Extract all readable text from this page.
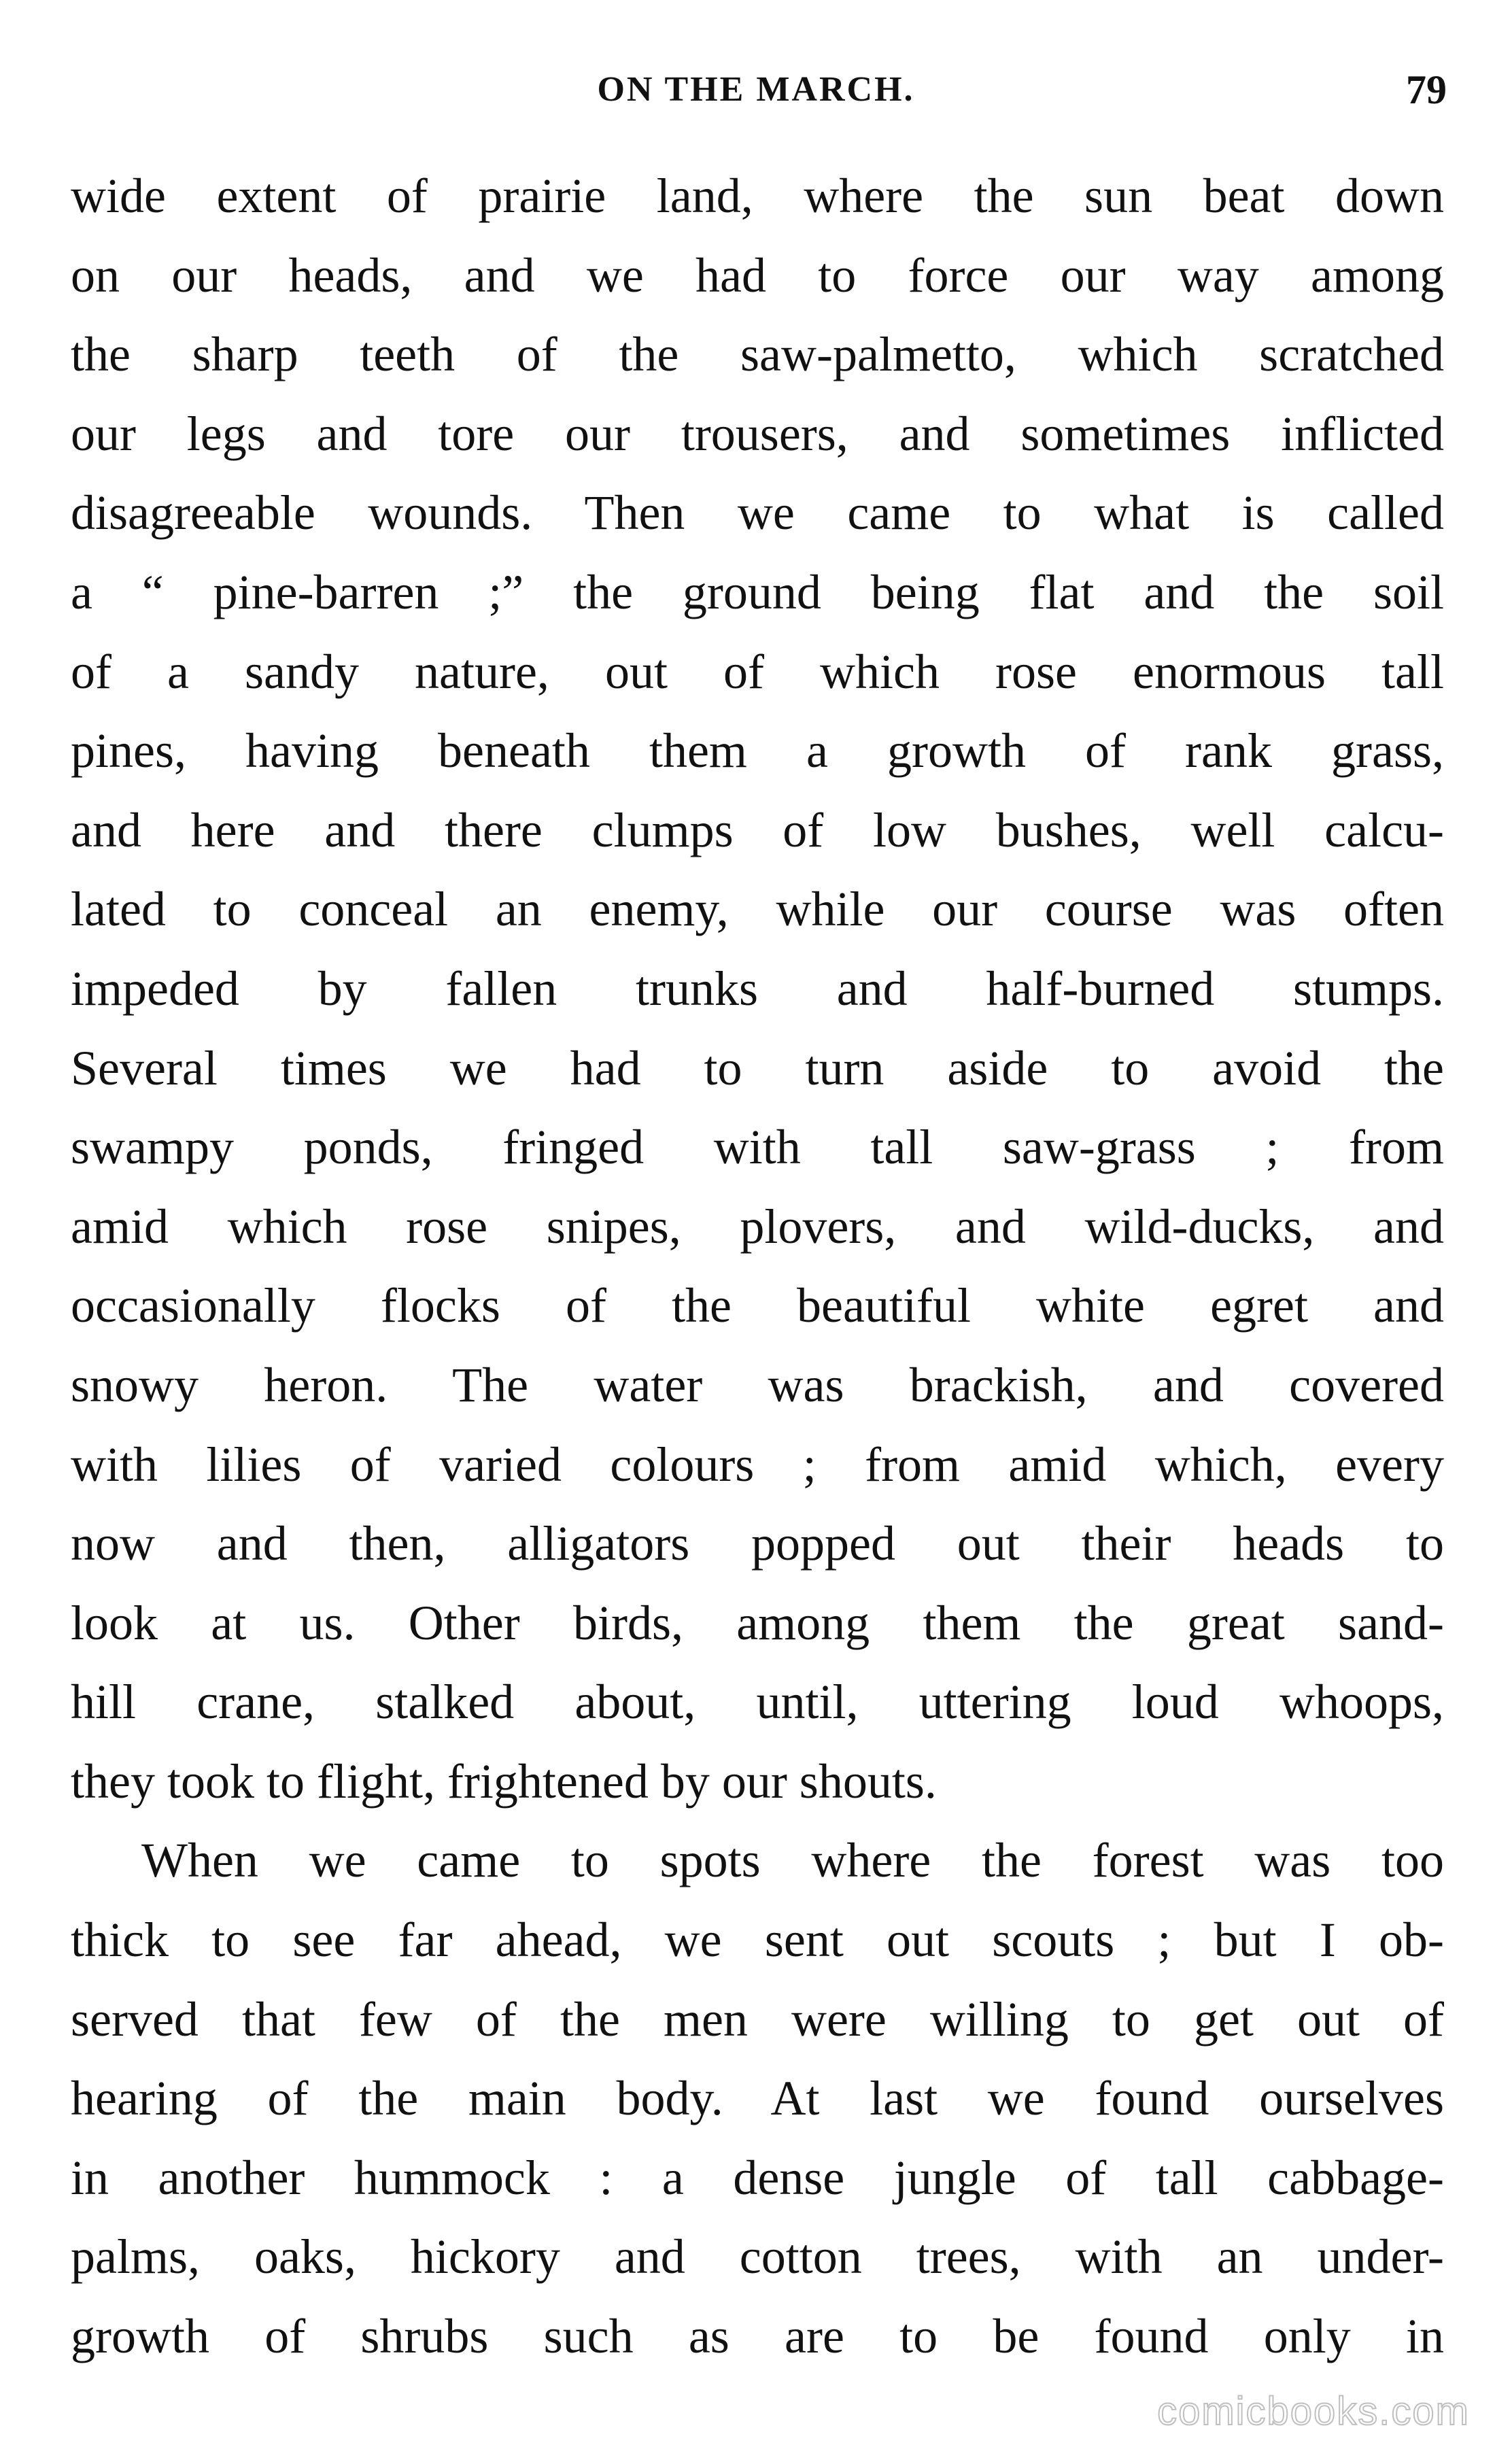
ON THE MARCH.	79
wide extent of prairie land, where the sun beat down
on our heads, and we had to force our way among
the sharp teeth of the saw-palmetto, which scratched
our legs and tore our trousers, and sometimes inflicted
disagreeable wounds. Then we came to what is called
a “ pine-barren ;” the ground being flat and the soil
of a sandy nature, out of which rose enormous tall
pines, having beneath them a growth of rank grass,
and here and there clumps of low bushes, well calcu-
lated to conceal an enemy, while our course was often
impeded by fallen trunks and half-burned stumps.
Several times we had to turn aside to avoid the
swampy ponds, fringed with tall saw-grass ; from
amid which rose snipes, plovers, and wild-ducks, and
occasionally flocks of the beautiful white egret and
snowy heron. The water was brackish, and covered
with lilies of varied colours ; from amid which, every
now and then, alligators popped out their heads to
look at us. Other birds, among them the great sand-
hill crane, stalked about, until, uttering loud whoops,
they took to flight, frightened by our shouts.
When we came to spots where the forest was too
thick to see far ahead, we sent out scouts ; but I ob-
served that few of the men were willing to get out of
hearing of the main body. At last we found ourselves
in another hummock : a dense jungle of tall cabbage-
palms, oaks, hickory and cotton trees, with an under-
growth of shrubs such as are to be found only in
comicbooks.com
